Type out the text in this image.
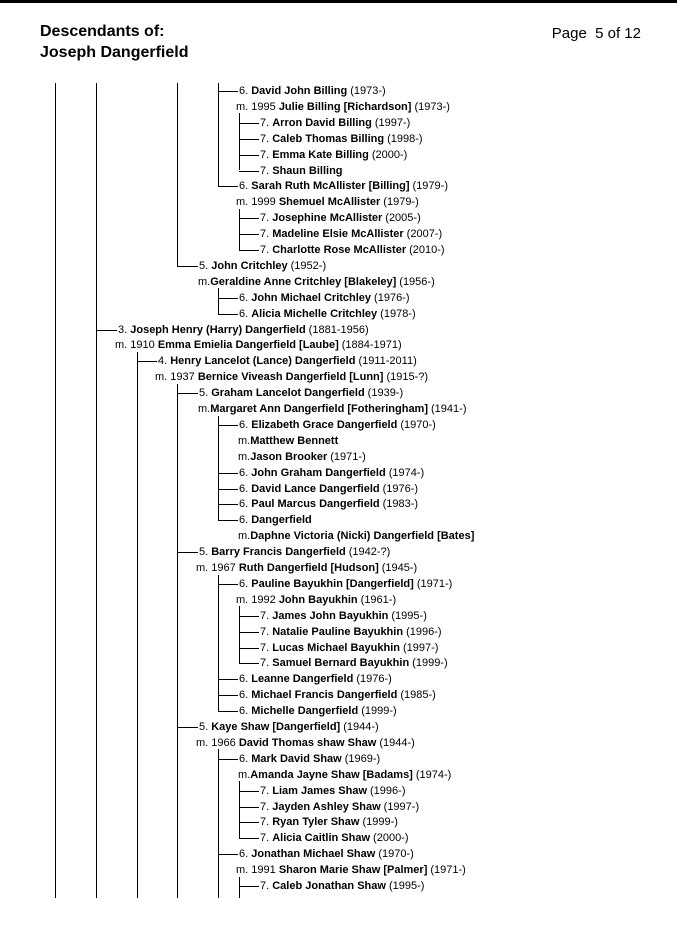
Descendants of:
Joseph Dangerfield
Page  5 of 12
6. David John Billing (1973-)
m. 1995 Julie Billing [Richardson] (1973-)
7. Arron David Billing (1997-)
7. Caleb Thomas Billing (1998-)
7. Emma Kate Billing (2000-)
7. Shaun Billing
6. Sarah Ruth McAllister [Billing] (1979-)
m. 1999 Shemuel McAllister (1979-)
7. Josephine McAllister (2005-)
7. Madeline Elsie McAllister (2007-)
7. Charlotte Rose McAllister (2010-)
5. John Critchley (1952-)
m.Geraldine Anne Critchley [Blakeley] (1956-)
6. John Michael Critchley (1976-)
6. Alicia Michelle Critchley (1978-)
3. Joseph Henry (Harry) Dangerfield (1881-1956)
m. 1910 Emma Emielia Dangerfield [Laube] (1884-1971)
4. Henry Lancelot (Lance) Dangerfield (1911-2011)
m. 1937 Bernice Viveash Dangerfield [Lunn] (1915-?)
5. Graham Lancelot Dangerfield (1939-)
m.Margaret Ann Dangerfield [Fotheringham] (1941-)
6. Elizabeth Grace Dangerfield (1970-)
m.Matthew Bennett
m.Jason Brooker (1971-)
6. John Graham Dangerfield (1974-)
6. David Lance Dangerfield (1976-)
6. Paul Marcus Dangerfield (1983-)
6. Dangerfield
m.Daphne Victoria (Nicki) Dangerfield [Bates]
5. Barry Francis Dangerfield (1942-?)
m. 1967 Ruth Dangerfield [Hudson] (1945-)
6. Pauline Bayukhin [Dangerfield] (1971-)
m. 1992 John Bayukhin (1961-)
7. James John Bayukhin (1995-)
7. Natalie Pauline Bayukhin (1996-)
7. Lucas Michael Bayukhin (1997-)
7. Samuel Bernard Bayukhin (1999-)
6. Leanne Dangerfield (1976-)
6. Michael Francis Dangerfield (1985-)
6. Michelle Dangerfield (1999-)
5. Kaye Shaw [Dangerfield] (1944-)
m. 1966 David Thomas shaw Shaw (1944-)
6. Mark David Shaw (1969-)
m.Amanda Jayne Shaw [Badams] (1974-)
7. Liam James Shaw (1996-)
7. Jayden Ashley Shaw (1997-)
7. Ryan Tyler Shaw (1999-)
7. Alicia Caitlin Shaw (2000-)
6. Jonathan Michael Shaw (1970-)
m. 1991 Sharon Marie Shaw [Palmer] (1971-)
7. Caleb Jonathan Shaw (1995-)
